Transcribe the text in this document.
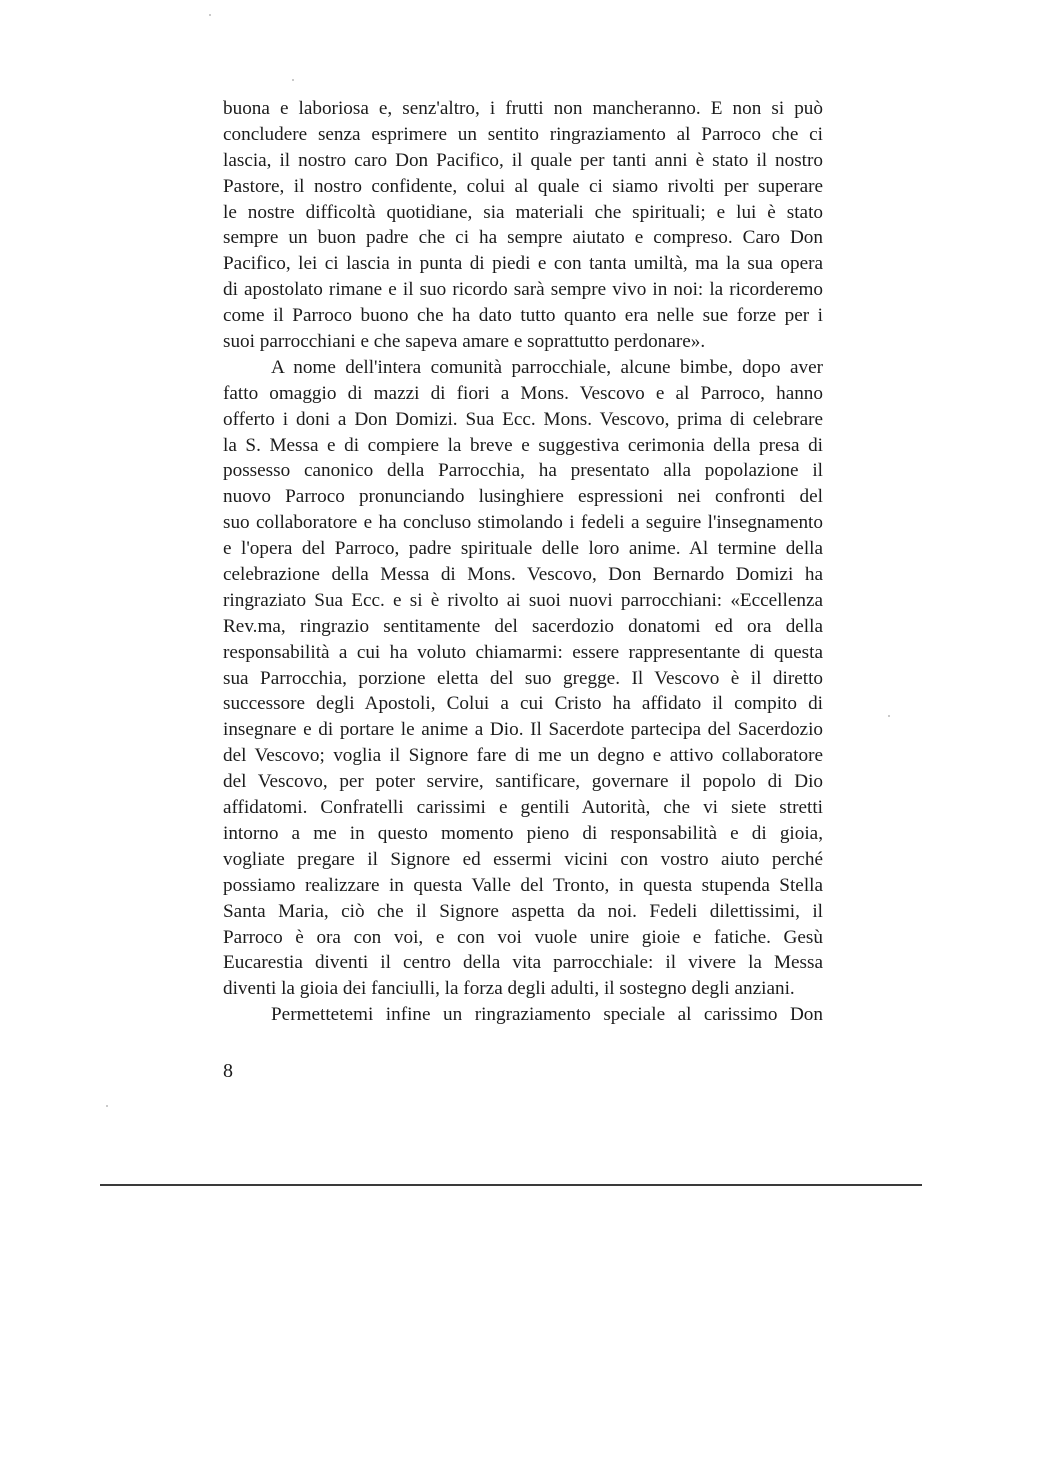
buona e laboriosa e, senz'altro, i frutti non mancheranno. E non si può
concludere senza esprimere un sentito ringraziamento al Parroco che ci
lascia, il nostro caro Don Pacifico, il quale per tanti anni è stato il nostro
Pastore, il nostro confidente, colui al quale ci siamo rivolti per superare
le nostre difficoltà quotidiane, sia materiali che spirituali; e lui è stato
sempre un buon padre che ci ha sempre aiutato e compreso. Caro Don
Pacifico, lei ci lascia in punta di piedi e con tanta umiltà, ma la sua opera
di apostolato rimane e il suo ricordo sarà sempre vivo in noi: la ricorderemo
come il Parroco buono che ha dato tutto quanto era nelle sue forze per i
suoi parrocchiani e che sapeva amare e soprattutto perdonare».
A nome dell'intera comunità parrocchiale, alcune bimbe, dopo aver
fatto omaggio di mazzi di fiori a Mons. Vescovo e al Parroco, hanno
offerto i doni a Don Domizi. Sua Ecc. Mons. Vescovo, prima di celebrare
la S. Messa e di compiere la breve e suggestiva cerimonia della presa di
possesso canonico della Parrocchia, ha presentato alla popolazione il
nuovo Parroco pronunciando lusinghiere espressioni nei confronti del
suo collaboratore e ha concluso stimolando i fedeli a seguire l'insegnamento
e l'opera del Parroco, padre spirituale delle loro anime. Al termine della
celebrazione della Messa di Mons. Vescovo, Don Bernardo Domizi ha
ringraziato Sua Ecc. e si è rivolto ai suoi nuovi parrocchiani: «Eccellenza
Rev.ma, ringrazio sentitamente del sacerdozio donatomi ed ora della
responsabilità a cui ha voluto chiamarmi: essere rappresentante di questa
sua Parrocchia, porzione eletta del suo gregge. Il Vescovo è il diretto
successore degli Apostoli, Colui a cui Cristo ha affidato il compito di
insegnare e di portare le anime a Dio. Il Sacerdote partecipa del Sacerdozio
del Vescovo; voglia il Signore fare di me un degno e attivo collaboratore
del Vescovo, per poter servire, santificare, governare il popolo di Dio
affidatomi. Confratelli carissimi e gentili Autorità, che vi siete stretti
intorno a me in questo momento pieno di responsabilità e di gioia,
vogliate pregare il Signore ed essermi vicini con vostro aiuto perché
possiamo realizzare in questa Valle del Tronto, in questa stupenda Stella
Santa Maria, ciò che il Signore aspetta da noi. Fedeli dilettissimi, il
Parroco è ora con voi, e con voi vuole unire gioie e fatiche. Gesù
Eucarestia diventi il centro della vita parrocchiale: il vivere la Messa
diventi la gioia dei fanciulli, la forza degli adulti, il sostegno degli anziani.
Permettetemi infine un ringraziamento speciale al carissimo Don
8
